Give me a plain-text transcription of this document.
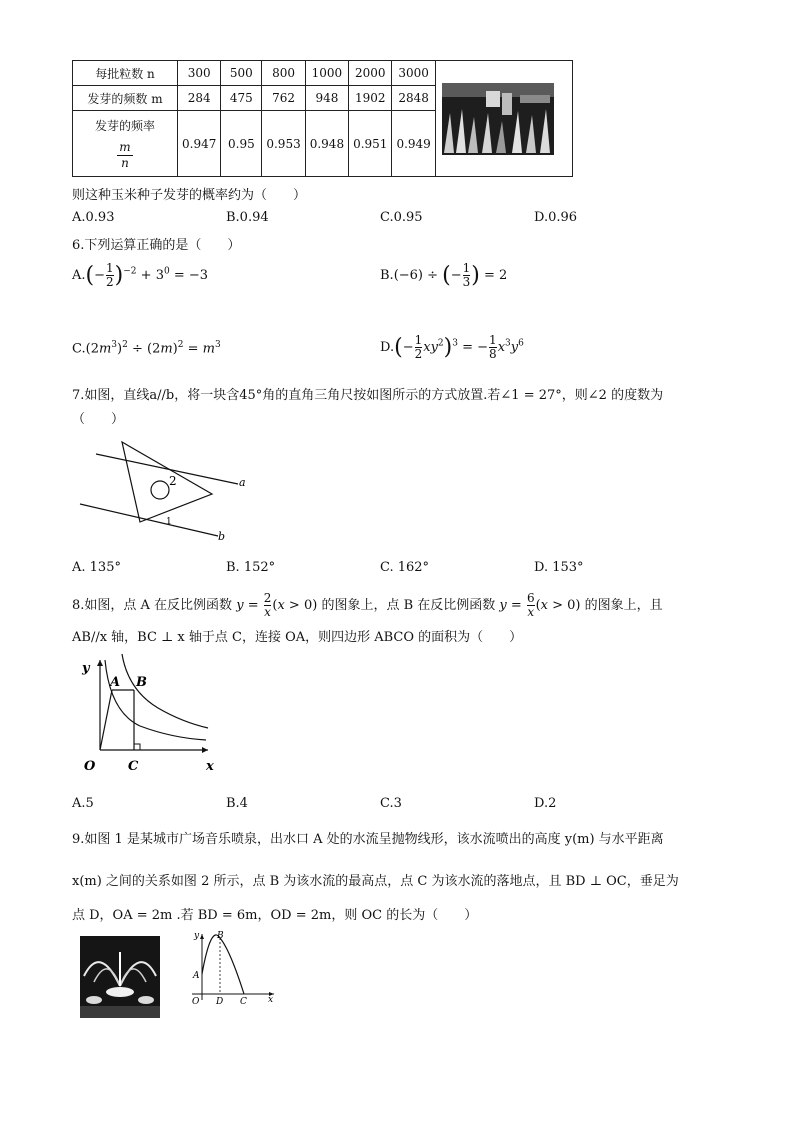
每批粒数 n	300	500	800	1000	2000	3000	

发芽的频数 m	284	475	762	948	1902	2848	

发芽的频率
$\frac{m}{n}$	0.947	0.95	0.953	0.948	0.951	0.949	
则这种玉米种子发芽的概率约为（　　）
A.0.93	B.0.94	C.0.95	D.0.96
6.下列运算正确的是（　　）
$A.(- \frac{1}{2} )^{-2} + 3^0 = -3$	B.(−6) ÷ (− $\frac{1}{3}$ ) = 2
$C.(2m^3)^2 \div (2m)^2 = m^3$	$D.(- \frac{1}{2} xy^2)^3$ = − $\frac{1}{8} x^3y^6$
7.如图，直线a//b，将一块含45°角的直角三角尺按如图所示的方式放置.若∠1 = 27°，则∠2 的度数为
（　　）
a
b
2
1
A. 135°	B. 152°	C. 162°	D. 153°
8.如图，点 A 在反比例函数 $y = \frac{2}{x} (x > 0)$ 的图象上，点 B 在反比例函数 $y = \frac{6}{x} (x > 0)$ 的图象上，且
AB//x 轴，BC ⊥ x 轴于点 C，连接 OA，则四边形 ABCO 的面积为（　　）
y
x
O
A B
C
A.5	B.4	C.3	D.2
9.如图 1 是某城市广场音乐喷泉，出水口 A 处的水流呈抛物线形，该水流喷出的高度 y(m) 与水平距离
x(m) 之间的关系如图 2 所示，点 B 为该水流的最高点，点 C 为该水流的落地点，且 BD ⊥ OC，垂足为
点 D，OA = 2m .若 BD = 6m，OD = 2m，则 OC 的长为（　　）
y
x
O
A
B
D C
